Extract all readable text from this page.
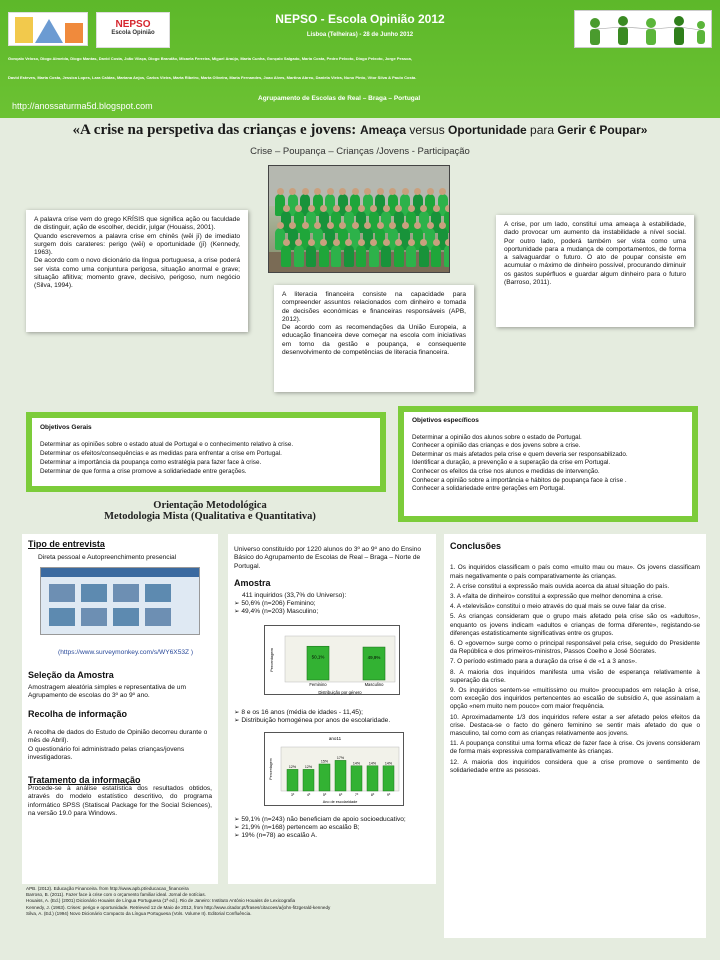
NEPSO
Escola Opinião
NEPSO - Escola Opinião 2012
Lisboa (Telheiras) - 28 de Junho 2012
Gonçalo Veloso, Diogo Almeida, Diogo Mantas, David Costa, João Vilaça, Diogo Brandão, Micaela Ferreira, Miguel Araújo, Marta Cunha, Gonçalo Salgado, Maria Costa, Pedro Pelxoto, Diogo Pelxoto, Jorge Pessoa,
David Esteves, Marta Costa, Jessica Lopes, Lara Caldas, Mariana Anjos, Carlos Vieira, Marta Ribeiro, Marta Oliveira, Maria Fernandes, Joao Alves, Martina Abreu, Daniela Vieira, Nuno Pinto, Vitor Silva & Paulo Costa.
Agrupamento de Escolas de Real – Braga – Portugal
http://anossaturma5d.blogspot.com
«A crise na perspetiva das crianças e jovens: Ameaça versus Oportunidade para Gerir € Poupar»
Crise – Poupança – Crianças /Jovens - Participação

A palavra crise vem do grego KRÍSIS que significa ação ou faculdade de distinguir, ação de escolher, decidir, julgar (Houaiss, 2001).

Quando escrevemos a palavra crise em chinês (wēi jī) de imediato surgem dois carateres: perigo (wēi) e oportunidade (jī) (Kennedy, 1963).

De acordo com o novo dicionário da língua portuguesa, a crise poderá ser vista como uma conjuntura perigosa, situação anormal e grave; situação aflitiva; momento grave, decisivo, perigoso, num negócio (Silva, 1994).

A literacia financeira consiste na capacidade para compreender assuntos relacionados com dinheiro e tomada de decisões económicas e financeiras responsáveis (APB, 2012).

De acordo com as recomendações da União Europeia, a educação financeira deve começar na escola com iniciativas em torno da gestão e poupança, e consequente desenvolvimento de competências de literacia financeira.

A crise, por um lado, constitui uma ameaça à estabilidade, dado provocar um aumento da instabilidade a nível social. Por outro lado, poderá também ser vista como uma oportunidade para a mudança de comportamentos, de forma a salvaguardar o futuro. O ato de poupar consiste em acumular o máximo de dinheiro possível, procurando diminuir os gastos supérfluos e guardar algum dinheiro para o futuro (Barroso, 2011).

Objetivos Gerais
Determinar as opiniões sobre o estado atual de Portugal e o conhecimento relativo à crise.
Determinar os efeitos/consequências e as medidas para enfrentar a crise em Portugal.
Determinar a importância da poupança como estratégia para fazer face à crise.
Determinar de que forma a crise promove a solidariedade entre gerações.
Objetivos específicos
Determinar a opinião dos alunos sobre o estado de Portugal.
Conhecer a opinião das crianças e dos jovens sobre a crise.
Determinar os mais afetados pela crise e quem deveria ser responsabilizado.
Identificar a duração, a prevenção e a superação da crise em Portugal.
Conhecer os efeitos da crise nos alunos e medidas de intervenção.
Conhecer a opinião sobre a importância e hábitos de poupança face à crise .
Conhecer a solidariedade entre gerações em Portugal.
Orientação Metodológica
Metodologia Mista (Qualitativa e Quantitativa)
Tipo de entrevista
Direta pessoal e Autopreenchimento presencial
(https://www.surveymonkey.com/s/WY6X53Z )
Seleção da Amostra

Amostragem aleatória simples e representativa de um Agrupamento de escolas do 3º ao 9º ano.

Recolha de informação

A recolha de dados do Estudo de Opinião decorreu durante o mês de Abril).

O questionário foi administrado pelas crianças/jovens investigadoras.

Tratamento da informação

Procede-se à análise estatística dos resultados obtidos, através do modelo estatístico descritivo, do programa informático SPSS (Statiscal Package for the Social Sciences), na versão 19.0 para Windows.

Universo constituído por 1220 alunos do 3º ao 9º ano do Ensino Básico do Agrupamento de Escolas de Real – Braga – Norte de Portugal.

Amostra
411 inquiridos (33,7% do Universo):
➢ 50,6% (n=206) Feminino;
➢ 49,4% (n=203) Masculino;
50,1%
Feminino
49,9%
Masculino
Distribuição por género
Percentagem
➢ 8 e os 16 anos (média de idades - 11,45);
➢ Distribuição homogénea por anos de escolaridade.
ano11
12%
3º
12%
4º
15%
5º
17%
6º
14%
7º
14%
8º
14%
9º
Ano de escolaridade
Percentagem
➢ 59,1% (n=243) não beneficiam de apoio socioeducativo;
➢ 21,9% (n=168) pertencem ao escalão B;
➢ 19% (n=78) ao escalão A.
Conclusões
1. Os inquiridos classificam o país como «muito mau ou mau». Os jovens classificam mais negativamente o país comparativamente às crianças.
2. A crise constitui a expressão mais ouvida acerca da atual situação do país.
3. A «falta de dinheiro» constitui a expressão que melhor denomina a crise.
4. A «televisão» constitui o meio através do qual mais se ouve falar da crise.
5. As crianças consideram que o grupo mais afetado pela crise são os «adultos», enquanto os jovens indicam «adultos e crianças de forma diferente», registando-se diferenças estatisticamente significativas entre os grupos.
6. O «governo» surge como o principal responsável pela crise, seguido do Presidente da República e dos primeiros-ministros, Passos Coelho e José Sócrates.
7. O período estimado para a duração da crise é de «1 a 3 anos».
8. A maioria dos inquiridos manifesta uma visão de esperança relativamente à superação da crise.
9. Os inquiridos sentem-se «muitíssimo ou muito» preocupados em relação à crise, com exceção dos inquiridos pertencentes ao escalão de subsídio A, que assinalam a opção «nem muito nem pouco» com maior frequência.
10. Aproximadamente 1/3 dos inquiridos refere estar a ser afetado pelos efeitos da crise. Destaca-se o facto do género feminino se sentir mais afetado do que o masculino, tal como com as crianças relativamente aos jovens.
11. A poupança constitui uma forma eficaz de fazer face à crise. Os jovens consideram de forma mais expressiva comparativamente às crianças.
12. A maioria dos inquiridos considera que a crise promove o sentimento de solidariedade entre as pessoas.
APB. (2012). Educação Financeira. from http://www.apb.pt/educacao_financeira
Barroso, B. (2011). Fazer face à crise com o orçamento familiar ideal. Jornal de notícias.
Houaiss, A. (Ed.) (2001) Dicionário Houaiss de Língua Portuguesa (1ª ed.). Rio de Janeiro: Instituto António Houaiss de Lexicografia
Kennedy, J. (1963). Crises: perigo e oportunidade. Retrieved 12 de Maio de 2012, from http://www.citador.pt/frases/citacoes/a/john-fitzgerald-kennedy
Silva, A. (Ed.) (1994) Novo Dicionário Compacto da Língua Portuguesa (Vols. Volume II). Editorial Confluência.
